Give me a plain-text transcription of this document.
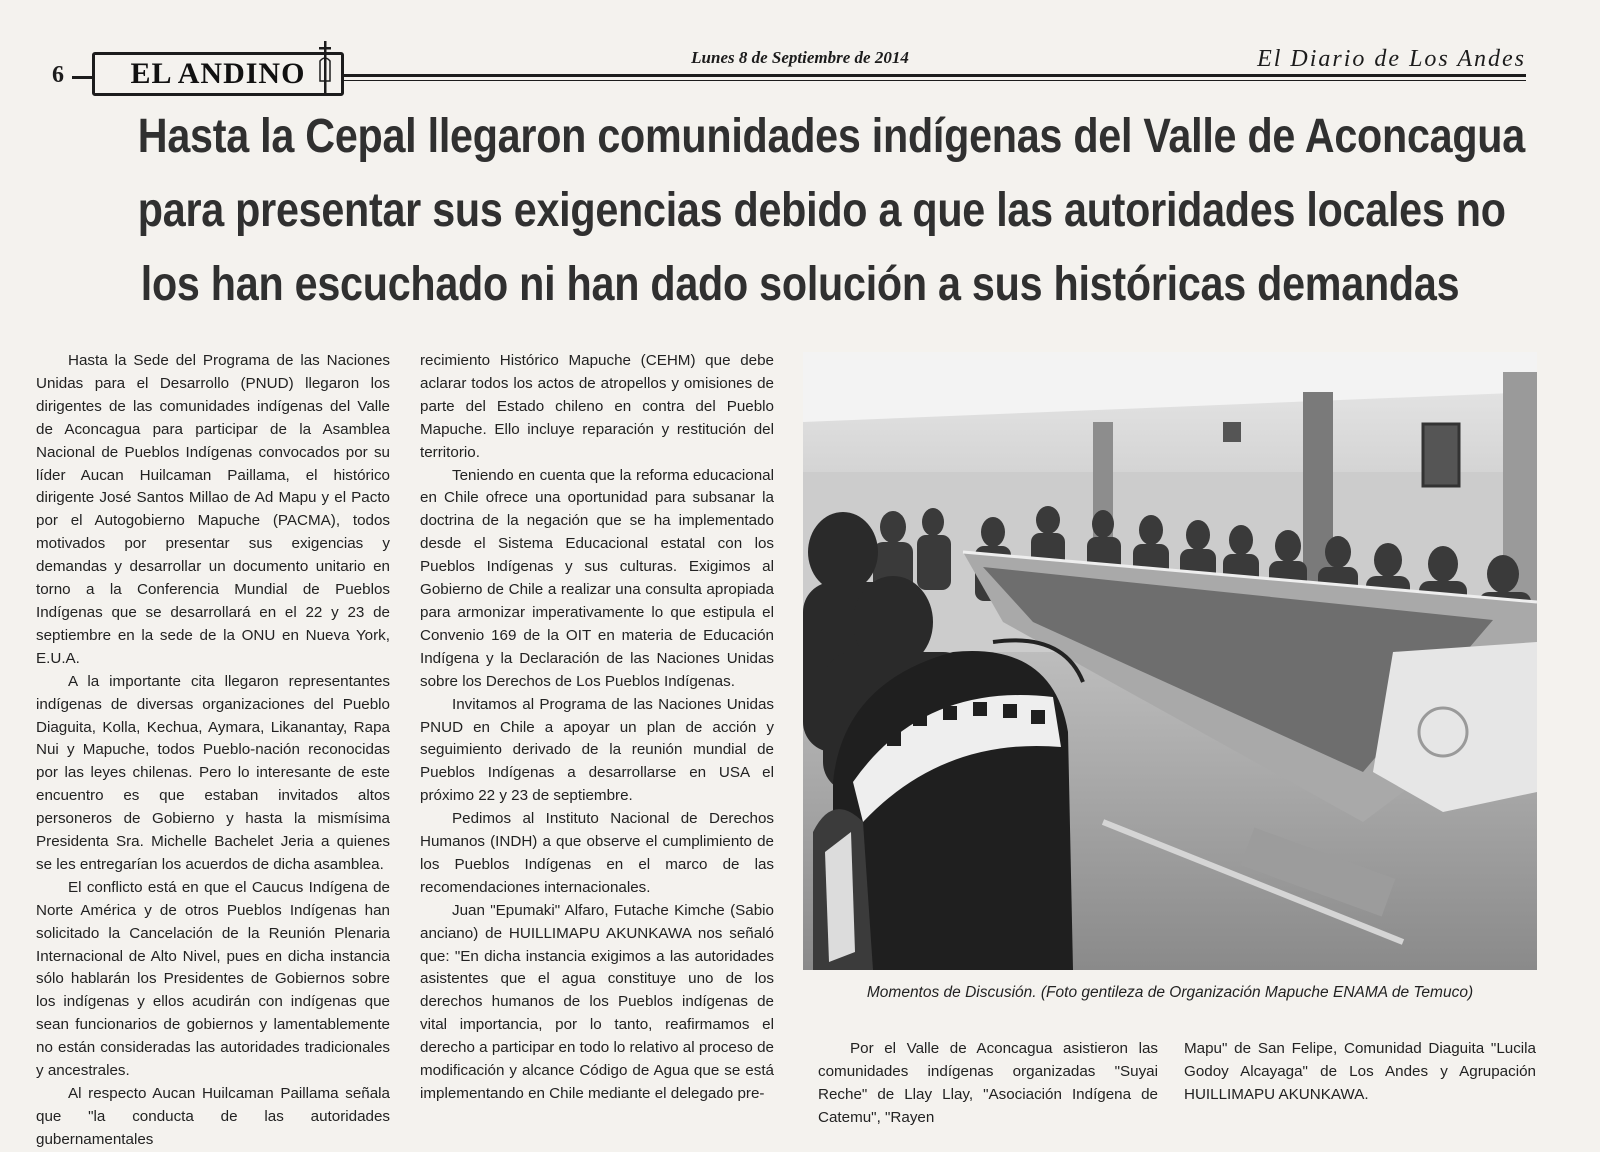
6 EL ANDINO	Lunes 8 de Septiembre de 2014	El Diario de Los Andes
Hasta la Cepal llegaron comunidades indígenas del Valle de Aconcagua
para presentar sus exigencias debido a que las autoridades locales no
los han escuchado ni han dado solución a sus históricas demandas

Hasta la Sede del Programa de las Naciones Unidas para el Desarrollo (PNUD) llegaron los dirigentes de las comunidades indígenas del Valle de Aconcagua para participar de la Asamblea Nacional de Pueblos Indígenas convocados por su líder Aucan Huilcaman Paillama, el histórico dirigente José Santos Millao de Ad Mapu y el Pacto por el Autogobierno Mapuche (PACMA), todos motivados por presentar sus exigencias y demandas y desarrollar un documento unitario en torno a la Conferencia Mundial de Pueblos Indígenas que se desarrollará en el 22 y 23 de septiembre en la sede de la ONU en Nueva York, E.U.A.

A la importante cita llegaron representantes indígenas de diversas organizaciones del Pueblo Diaguita, Kolla, Kechua, Aymara, Likanantay, Rapa Nui y Mapuche, todos Pueblo-nación reconocidas por las leyes chilenas. Pero lo interesante de este encuentro es que estaban invitados altos personeros de Gobierno y hasta la mismísima Presidenta Sra. Michelle Bachelet Jeria a quienes se les entregarían los acuerdos de dicha asamblea.

El conflicto está en que el Caucus Indígena de Norte América y de otros Pueblos Indígenas han solicitado la Cancelación de la Reunión Plenaria Internacional de Alto Nivel, pues en dicha instancia sólo hablarán los Presidentes de Gobiernos sobre los indígenas y ellos acudirán con indígenas que sean funcionarios de gobiernos y lamentablemente no están consideradas las autoridades tradicionales y ancestrales.

Al respecto Aucan Huilcaman Paillama señala que "la conducta de las autoridades gubernamentales

recimiento Histórico Mapuche (CEHM) que debe aclarar todos los actos de atropellos y omisiones de parte del Estado chileno en contra del Pueblo Mapuche. Ello incluye reparación y restitución del territorio.

Teniendo en cuenta que la reforma educacional en Chile ofrece una oportunidad para subsanar la doctrina de la negación que se ha implementado desde el Sistema Educacional estatal con los Pueblos Indígenas y sus culturas. Exigimos al Gobierno de Chile a realizar una consulta apropiada para armonizar imperativamente lo que estipula el Convenio 169 de la OIT en materia de Educación Indígena y la Declaración de las Naciones Unidas sobre los Derechos de Los Pueblos Indígenas.

Invitamos al Programa de las Naciones Unidas PNUD en Chile a apoyar un plan de acción y seguimiento derivado de la reunión mundial de Pueblos Indígenas a desarrollarse en USA el próximo 22 y 23 de septiembre.

Pedimos al Instituto Nacional de Derechos Humanos (INDH) a que observe el cumplimiento de los Pueblos Indígenas en el marco de las recomendaciones internacionales.

Juan "Epumaki" Alfaro, Futache Kimche (Sabio anciano) de HUILLIMAPU AKUNKAWA nos señaló que: "En dicha instancia exigimos a las autoridades asistentes que el agua constituye uno de los derechos humanos de los Pueblos indígenas de vital importancia, por lo tanto, reafirmamos el derecho a participar en todo lo relativo al proceso de modificación y alcance Código de Agua que se está implementando en Chile mediante el delegado pre-

Momentos de Discusión. (Foto gentileza de Organización Mapuche ENAMA de Temuco)

Por el Valle de Aconcagua asistieron las comunidades indígenas organizadas "Suyai Reche" de Llay Llay, "Asociación Indígena de Catemu", "Rayen

Mapu" de San Felipe, Comunidad Diaguita "Lucila Godoy Alcayaga" de Los Andes y Agrupación HUILLIMAPU AKUNKAWA.
